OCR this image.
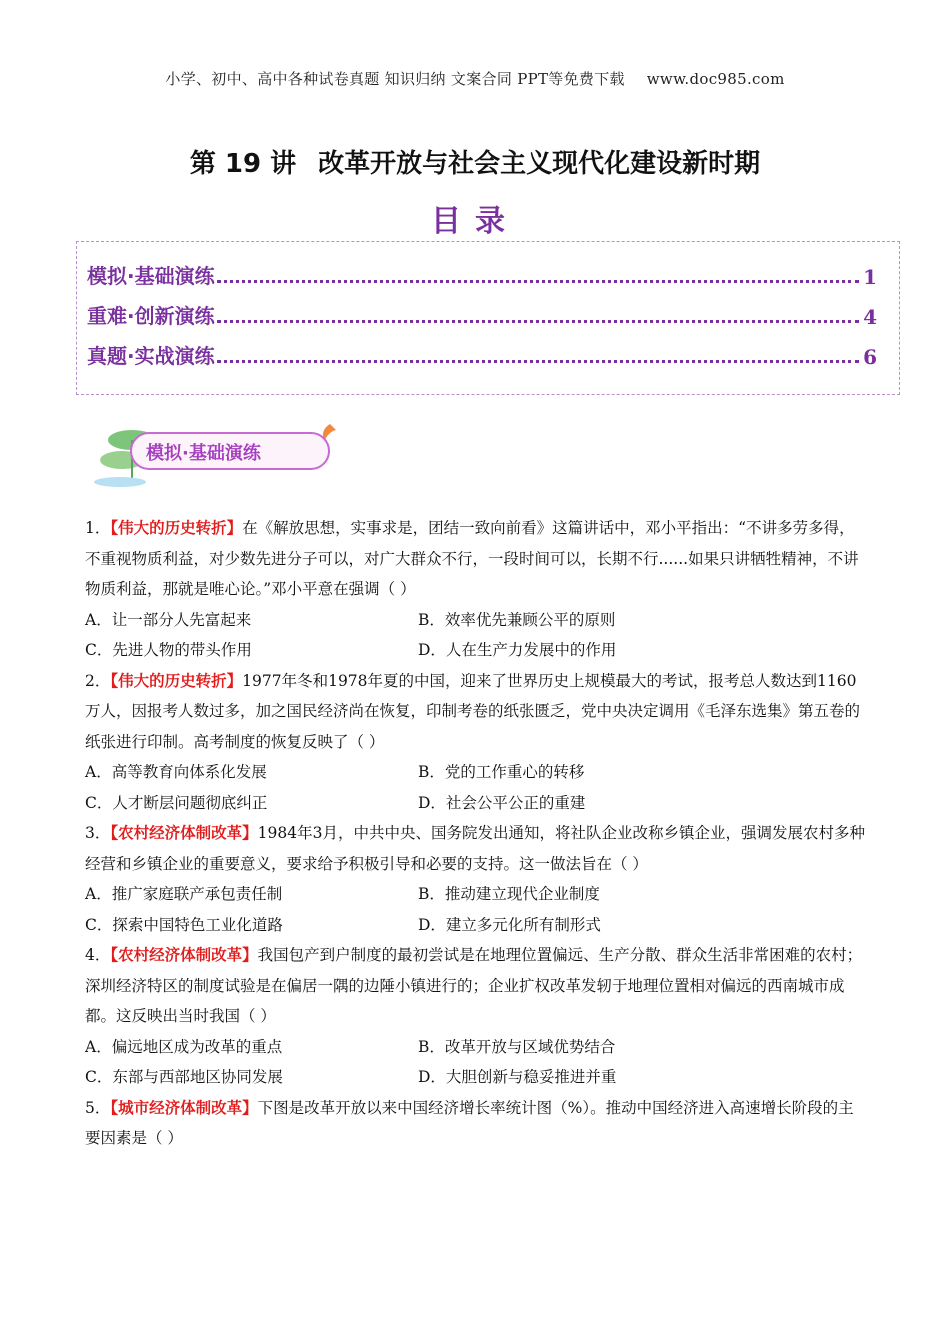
小学、初中、高中各种试卷真题 知识归纳 文案合同 PPT等免费下载 www.doc985.com
第 19 讲 改革开放与社会主义现代化建设新时期
目录
模拟·基础演练	1
重难·创新演练	4
真题·实战演练	6
模拟·基础演练

1．【伟大的历史转折】在《解放思想，实事求是，团结一致向前看》这篇讲话中，邓小平指出：“不讲多劳多得，不重视物质利益，对少数先进分子可以，对广大群众不行，一段时间可以，长期不行......如果只讲牺牲精神，不讲物质利益，那就是唯心论。”邓小平意在强调（ ）

A．让一部分人先富起来	B．效率优先兼顾公平的原则
C．先进人物的带头作用	D．人在生产力发展中的作用

2．【伟大的历史转折】1977年冬和1978年夏的中国，迎来了世界历史上规模最大的考试，报考总人数达到1160万人，因报考人数过多，加之国民经济尚在恢复，印制考卷的纸张匮乏，党中央决定调用《毛泽东选集》第五卷的纸张进行印制。高考制度的恢复反映了（ ）

A．高等教育向体系化发展	B．党的工作重心的转移
C．人才断层问题彻底纠正	D．社会公平公正的重建

3．【农村经济体制改革】1984年3月，中共中央、国务院发出通知，将社队企业改称乡镇企业，强调发展农村多种经营和乡镇企业的重要意义，要求给予积极引导和必要的支持。这一做法旨在（ ）

A．推广家庭联产承包责任制	B．推动建立现代企业制度
C．探索中国特色工业化道路	D．建立多元化所有制形式

4．【农村经济体制改革】我国包产到户制度的最初尝试是在地理位置偏远、生产分散、群众生活非常困难的农村；深圳经济特区的制度试验是在偏居一隅的边陲小镇进行的；企业扩权改革发轫于地理位置相对偏远的西南城市成都。这反映出当时我国（ ）

A．偏远地区成为改革的重点	B．改革开放与区域优势结合
C．东部与西部地区协同发展	D．大胆创新与稳妥推进并重

5．【城市经济体制改革】下图是改革开放以来中国经济增长率统计图（%）。推动中国经济进入高速增长阶段的主要因素是（ ）
